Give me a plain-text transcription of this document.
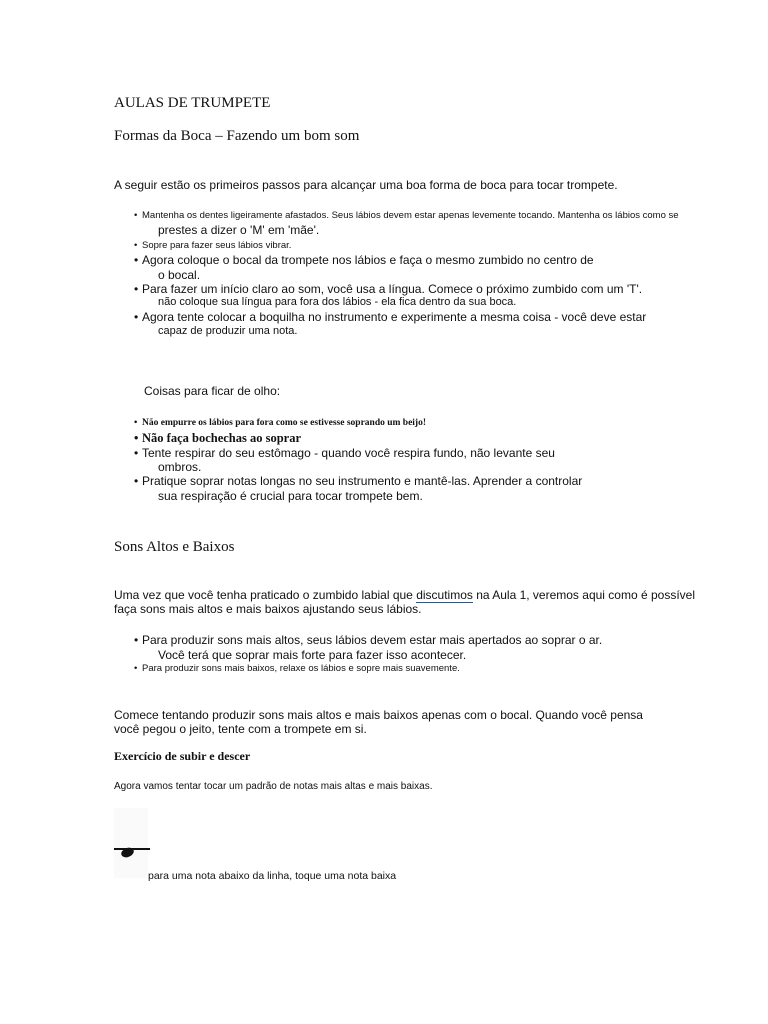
AULAS DE TRUMPETE
Formas da Boca – Fazendo um bom som
A seguir estão os primeiros passos para alcançar uma boa forma de boca para tocar trompete.
• Mantenha os dentes ligeiramente afastados. Seus lábios devem estar apenas levemente tocando. Mantenha os lábios como se
prestes a dizer o 'M' em 'mãe'.
• Sopre para fazer seus lábios vibrar.
• Agora coloque o bocal da trompete nos lábios e faça o mesmo zumbido no centro de
o bocal.
• Para fazer um início claro ao som, você usa a língua. Comece o próximo zumbido com um 'T'.
não coloque sua língua para fora dos lábios - ela fica dentro da sua boca.
• Agora tente colocar a boquilha no instrumento e experimente a mesma coisa - você deve estar
capaz de produzir uma nota.
Coisas para ficar de olho:
• Não empurre os lábios para fora como se estivesse soprando um beijo!
• Não faça bochechas ao soprar
• Tente respirar do seu estômago - quando você respira fundo, não levante seu
ombros.
• Pratique soprar notas longas no seu instrumento e mantê-las. Aprender a controlar
sua respiração é crucial para tocar trompete bem.
Sons Altos e Baixos
Uma vez que você tenha praticado o zumbido labial que discutimos na Aula 1, veremos aqui como é possível
faça sons mais altos e mais baixos ajustando seus lábios.
• Para produzir sons mais altos, seus lábios devem estar mais apertados ao soprar o ar.
Você terá que soprar mais forte para fazer isso acontecer.
• Para produzir sons mais baixos, relaxe os lábios e sopre mais suavemente.
Comece tentando produzir sons mais altos e mais baixos apenas com o bocal. Quando você pensa
você pegou o jeito, tente com a trompete em si.
Exercício de subir e descer
Agora vamos tentar tocar um padrão de notas mais altas e mais baixas.
para uma nota abaixo da linha, toque uma nota baixa
